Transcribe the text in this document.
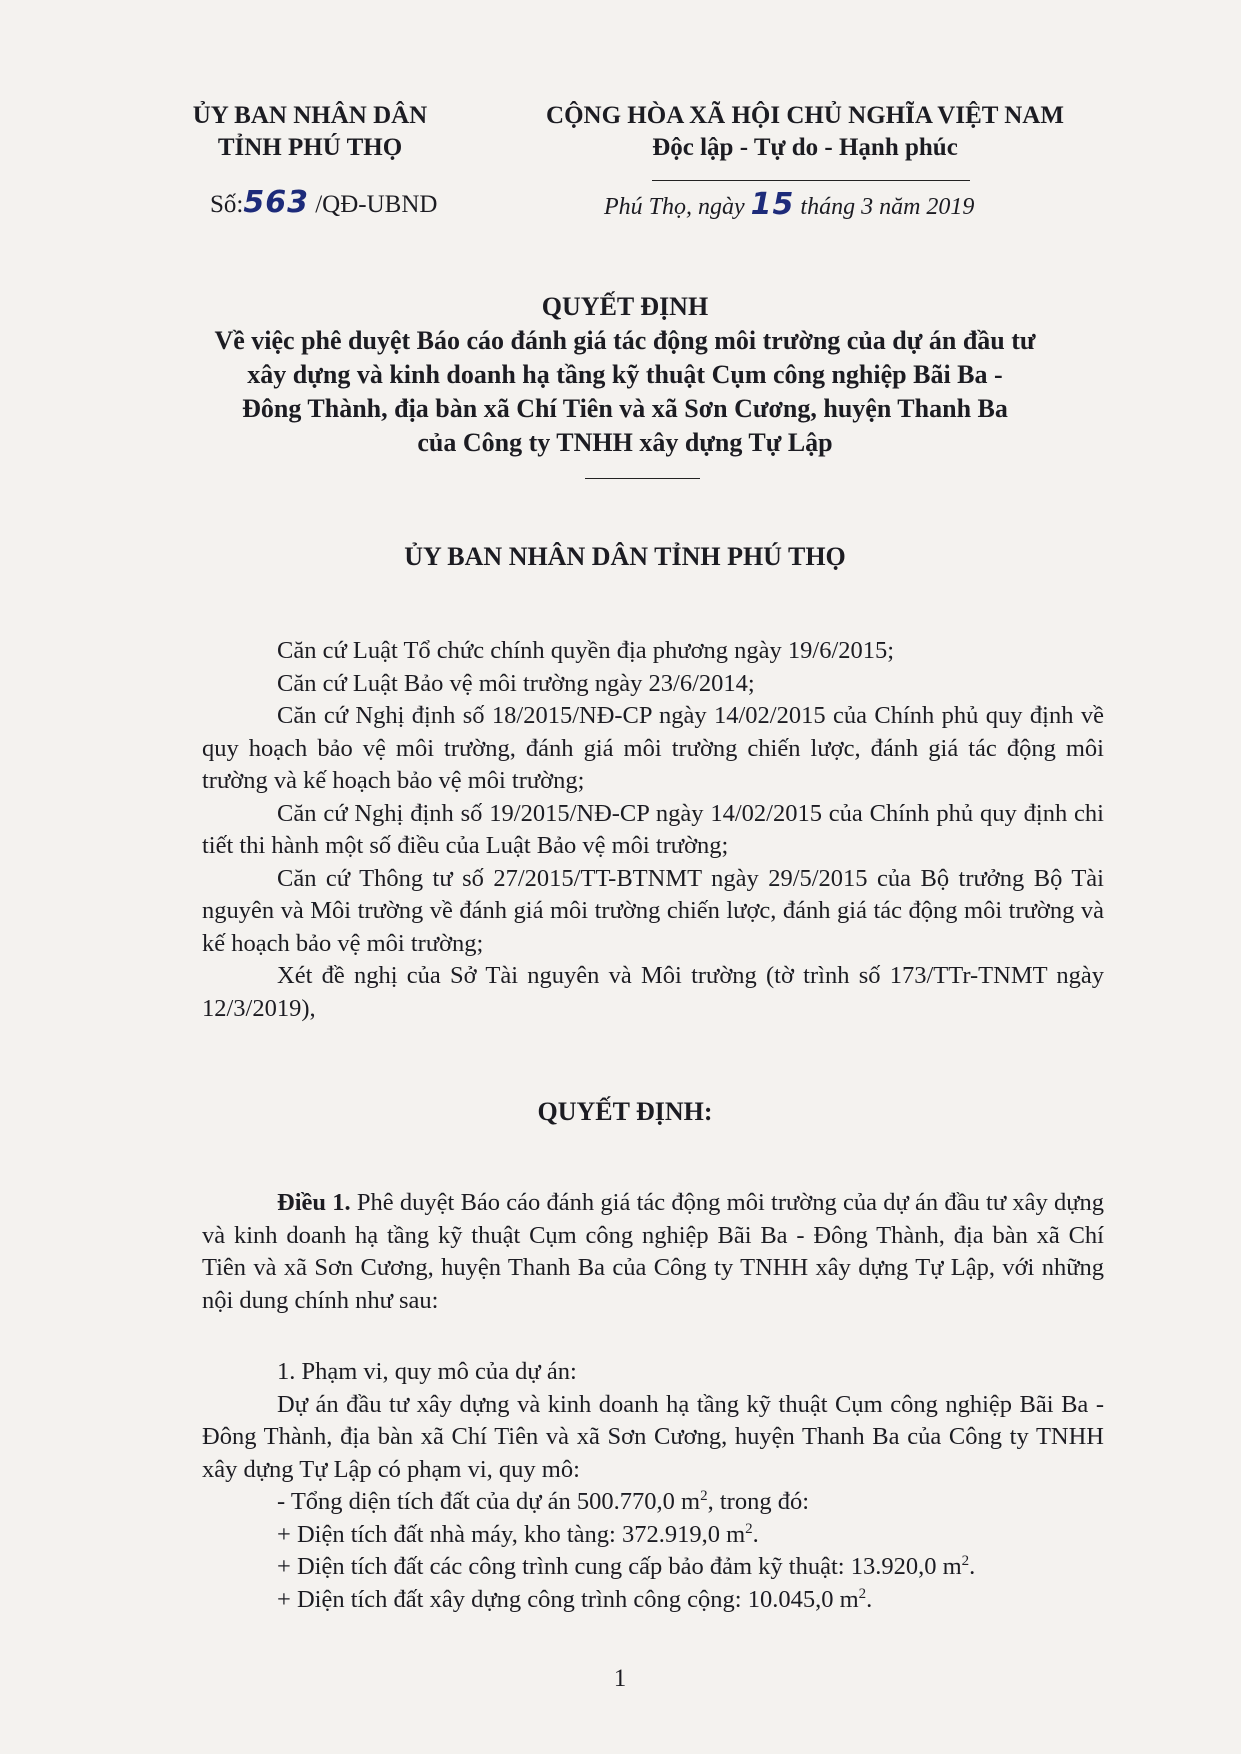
ỦY BAN NHÂN DÂN
TỈNH PHÚ THỌ
Số:563 /QĐ-UBND
CỘNG HÒA XÃ HỘI CHỦ NGHĨA VIỆT NAM
Độc lập - Tự do - Hạnh phúc
Phú Thọ, ngày 15 tháng 3 năm 2019
QUYẾT ĐỊNH
Về việc phê duyệt Báo cáo đánh giá tác động môi trường của dự án đầu tư
xây dựng và kinh doanh hạ tầng kỹ thuật Cụm công nghiệp Bãi Ba -
Đông Thành, địa bàn xã Chí Tiên và xã Sơn Cương, huyện Thanh Ba
của Công ty TNHH xây dựng Tự Lập
ỦY BAN NHÂN DÂN TỈNH PHÚ THỌ

Căn cứ Luật Tổ chức chính quyền địa phương ngày 19/6/2015;

Căn cứ Luật Bảo vệ môi trường ngày 23/6/2014;

Căn cứ Nghị định số 18/2015/NĐ-CP ngày 14/02/2015 của Chính phủ quy định về quy hoạch bảo vệ môi trường, đánh giá môi trường chiến lược, đánh giá tác động môi trường và kế hoạch bảo vệ môi trường;

Căn cứ Nghị định số 19/2015/NĐ-CP ngày 14/02/2015 của Chính phủ quy định chi tiết thi hành một số điều của Luật Bảo vệ môi trường;

Căn cứ Thông tư số 27/2015/TT-BTNMT ngày 29/5/2015 của Bộ trưởng Bộ Tài nguyên và Môi trường về đánh giá môi trường chiến lược, đánh giá tác động môi trường và kế hoạch bảo vệ môi trường;

Xét đề nghị của Sở Tài nguyên và Môi trường (tờ trình số 173/TTr-TNMT ngày 12/3/2019),

QUYẾT ĐỊNH:

Điều 1. Phê duyệt Báo cáo đánh giá tác động môi trường của dự án đầu tư xây dựng và kinh doanh hạ tầng kỹ thuật Cụm công nghiệp Bãi Ba - Đông Thành, địa bàn xã Chí Tiên và xã Sơn Cương, huyện Thanh Ba của Công ty TNHH xây dựng Tự Lập, với những nội dung chính như sau:

1. Phạm vi, quy mô của dự án:

Dự án đầu tư xây dựng và kinh doanh hạ tầng kỹ thuật Cụm công nghiệp Bãi Ba - Đông Thành, địa bàn xã Chí Tiên và xã Sơn Cương, huyện Thanh Ba của Công ty TNHH xây dựng Tự Lập có phạm vi, quy mô:

- Tổng diện tích đất của dự án 500.770,0 $m^2$, trong đó:

+ Diện tích đất nhà máy, kho tàng: 372.919,0 $m^2$.

+ Diện tích đất các công trình cung cấp bảo đảm kỹ thuật: 13.920,0 $m^2$.

+ Diện tích đất xây dựng công trình công cộng: 10.045,0 $m^2$.

1
